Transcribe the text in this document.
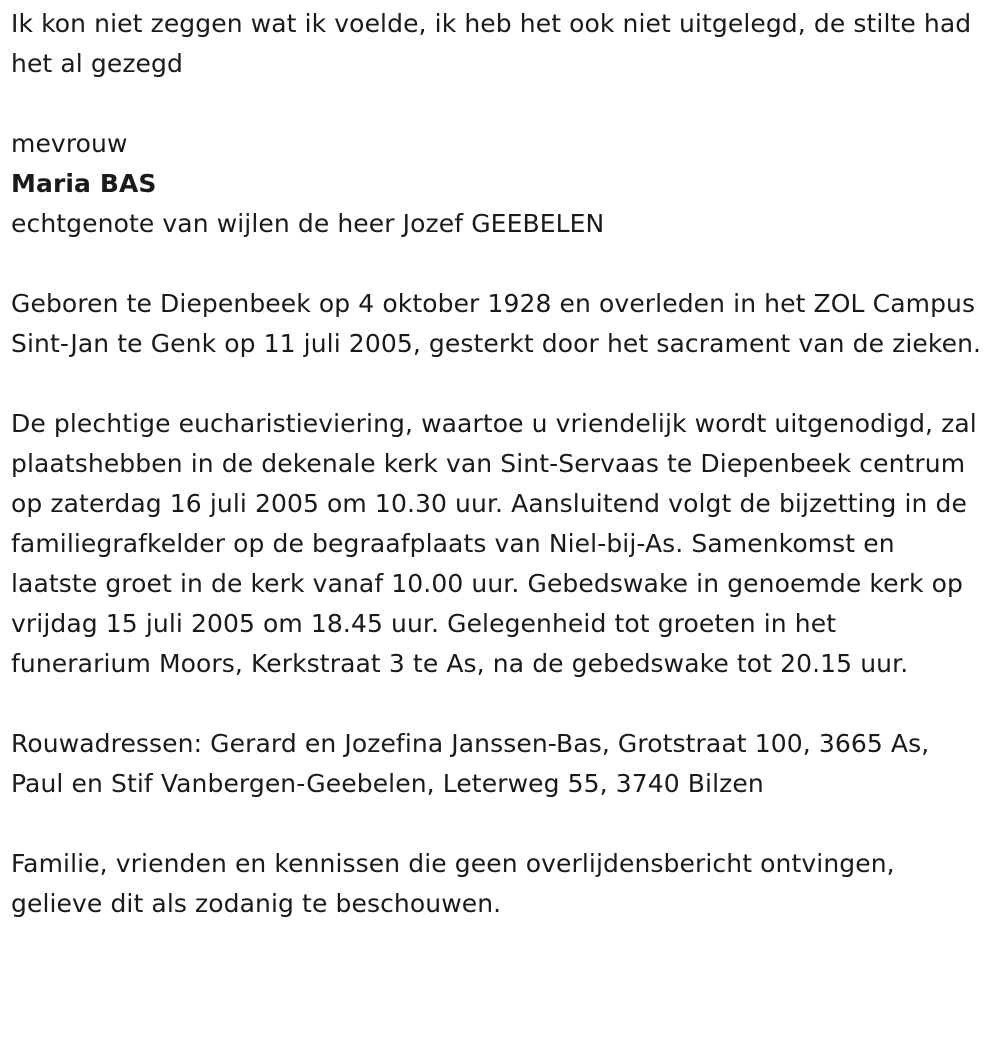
Ik kon niet zeggen wat ik voelde, ik heb het ook niet uitgelegd, de stilte had het al gezegd

mevrouw

Maria BAS

echtgenote van wijlen de heer Jozef GEEBELEN

Geboren te Diepenbeek op 4 oktober 1928 en overleden in het ZOL Campus Sint-Jan te Genk op 11 juli 2005, gesterkt door het sacrament van de zieken.

De plechtige eucharistieviering, waartoe u vriendelijk wordt uitgenodigd, zal plaatshebben in de dekenale kerk van Sint-Servaas te Diepenbeek centrum op zaterdag 16 juli 2005 om 10.30 uur. Aansluitend volgt de bijzetting in de familiegrafkelder op de begraafplaats van Niel-bij-As. Samenkomst en laatste groet in de kerk vanaf 10.00 uur. Gebedswake in genoemde kerk op vrijdag 15 juli 2005 om 18.45 uur. Gelegenheid tot groeten in het funerarium Moors, Kerkstraat 3 te As, na de gebedswake tot 20.15 uur.

Rouwadressen: Gerard en Jozefina Janssen-Bas, Grotstraat 100, 3665 As,

Paul en Stif Vanbergen-Geebelen, Leterweg 55, 3740 Bilzen

Familie, vrienden en kennissen die geen overlijdensbericht ontvingen, gelieve dit als zodanig te beschouwen.
